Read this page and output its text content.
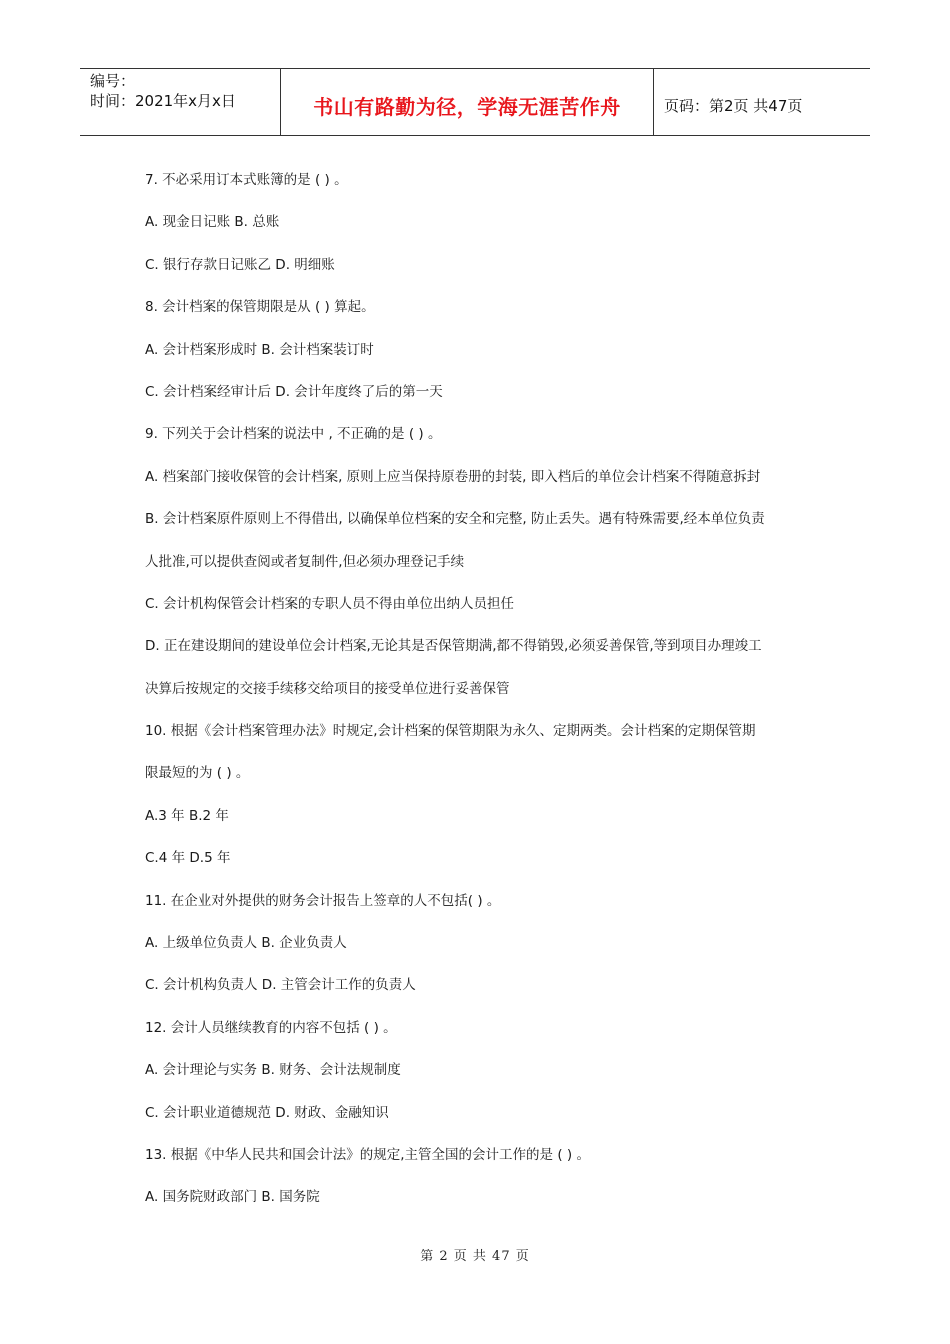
编号：
时间：2021年x月x日	书山有路勤为径，学海无涯苦作舟	页码：第2页 共47页
7. 不必采用订本式账簿的是 ( ) 。
A. 现金日记账 B. 总账
C. 银行存款日记账乙 D. 明细账
8. 会计档案的保管期限是从 ( ) 算起。
A. 会计档案形成时 B. 会计档案装订时
C. 会计档案经审计后 D. 会计年度终了后的第一天
9. 下列关于会计档案的说法中 , 不正确的是 ( ) 。
A. 档案部门接收保管的会计档案, 原则上应当保持原卷册的封装, 即入档后的单位会计档案不得随意拆封
B. 会计档案原件原则上不得借出, 以确保单位档案的安全和完整, 防止丢失。遇有特殊需要,经本单位负责
人批准,可以提供查阅或者复制件,但必须办理登记手续
C. 会计机构保管会计档案的专职人员不得由单位出纳人员担任
D. 正在建设期间的建设单位会计档案,无论其是否保管期满,都不得销毁,必须妥善保管,等到项目办理竣工
决算后按规定的交接手续移交给项目的接受单位进行妥善保管
10. 根据《会计档案管理办法》时规定,会计档案的保管期限为永久、定期两类。会计档案的定期保管期
限最短的为 ( ) 。
A.3 年 B.2 年
C.4 年 D.5 年
11. 在企业对外提供的财务会计报告上签章的人不包括( ) 。
A. 上级单位负责人 B. 企业负责人
C. 会计机构负责人 D. 主管会计工作的负责人
12. 会计人员继续教育的内容不包括 ( ) 。
A. 会计理论与实务 B. 财务、会计法规制度
C. 会计职业道德规范 D. 财政、金融知识
13. 根据《中华人民共和国会计法》的规定,主管全国的会计工作的是 ( ) 。
A. 国务院财政部门 B. 国务院
第 2 页 共 47 页
